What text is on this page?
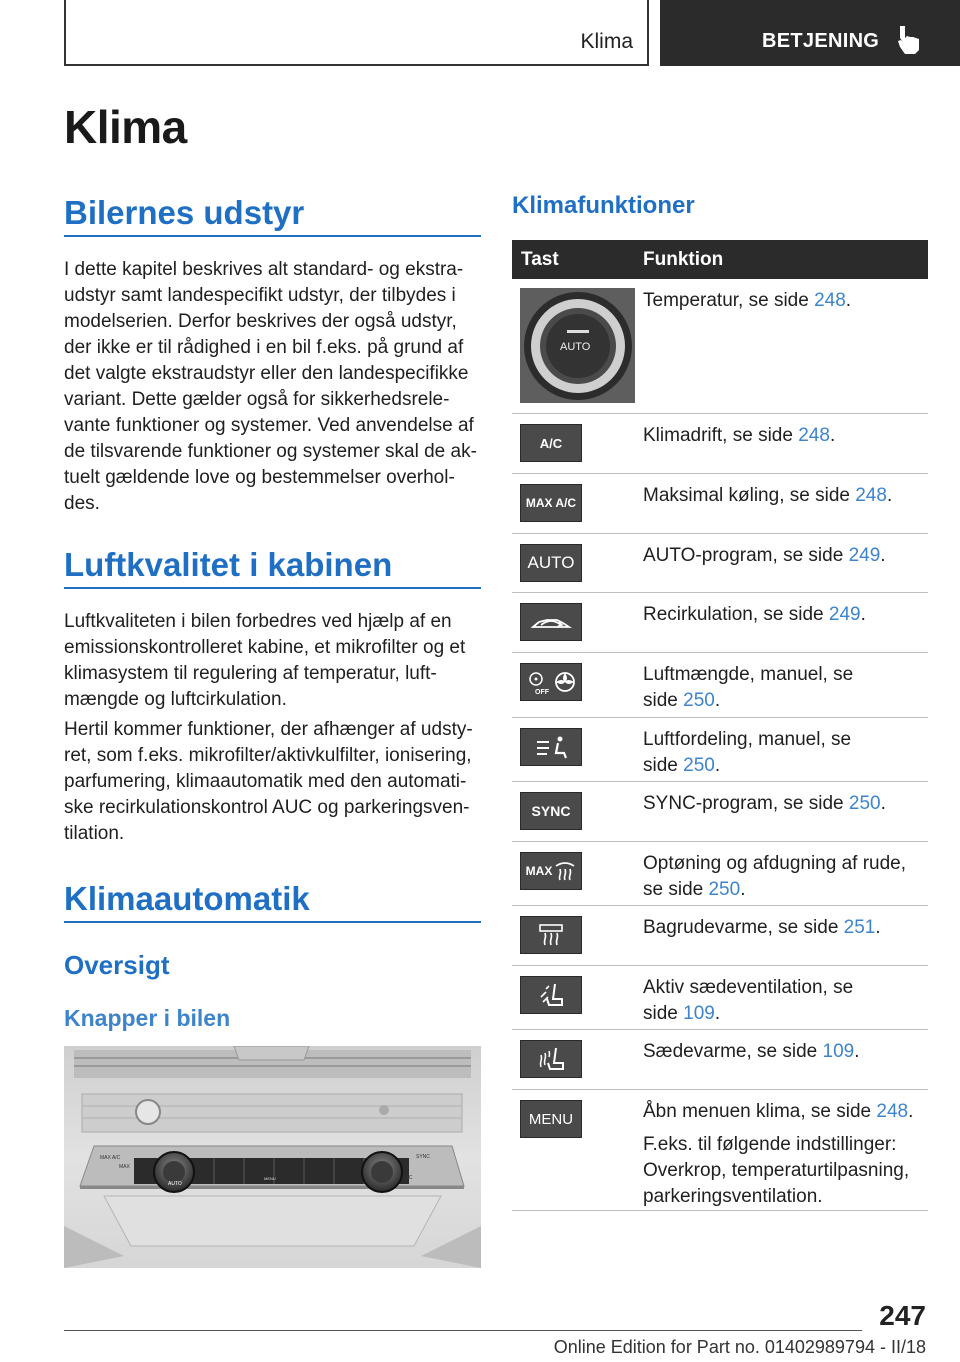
Klima	BETJENING
Klima
Bilernes udstyr
I dette kapitel beskrives alt standard- og ekstra-
udstyr samt landespecifikt udstyr, der tilbydes i
modelserien. Derfor beskrives der også udstyr,
der ikke er til rådighed i en bil f.eks. på grund af
det valgte ekstraudstyr eller den landespecifikke
variant. Dette gælder også for sikkerhedsrele-
vante funktioner og systemer. Ved anvendelse af
de tilsvarende funktioner og systemer skal de ak-
tuelt gældende love og bestemmelser overhol-
des.
Luftkvalitet i kabinen
Luftkvaliteten i bilen forbedres ved hjælp af en
emissionskontrolleret kabine, et mikrofilter og et
klimasystem til regulering af temperatur, luft-
mængde og luftcirkulation.
Hertil kommer funktioner, der afhænger af udsty-
ret, som f.eks. mikrofilter/aktivkulfilter, ionisering,
parfumering, klimaautomatik med den automati-
ske recirkulationskontrol AUC og parkeringsven-
tilation.
Klimaautomatik
Oversigt
Knapper i bilen
MAX A/C
MAX
AUTO
MENU
SYNC
A/C
Klimafunktioner
Tast	Funktion
AUTO
Temperatur, se side 248.
A/C	Klimadrift, se side 248.
MAX A/C	Maksimal køling, se side 248.
AUTO	AUTO-program, se side 249.
Recirkulation, se side 249.
OFF
Luftmængde, manuel, se
side 250.
Luftfordeling, manuel, se
side 250.
SYNC	SYNC-program, se side 250.
MAX	Optøning og afdugning af rude,
se side 250.
Bagrudevarme, se side 251.
Aktiv sædeventilation, se
side 109.
Sædevarme, se side 109.
MENU	Åbn menuen klima, se side 248.
F.eks. til følgende indstillinger:
Overkrop, temperaturtilpasning,
parkeringsventilation.
247
Online Edition for Part no. 01402989794 - II/18
